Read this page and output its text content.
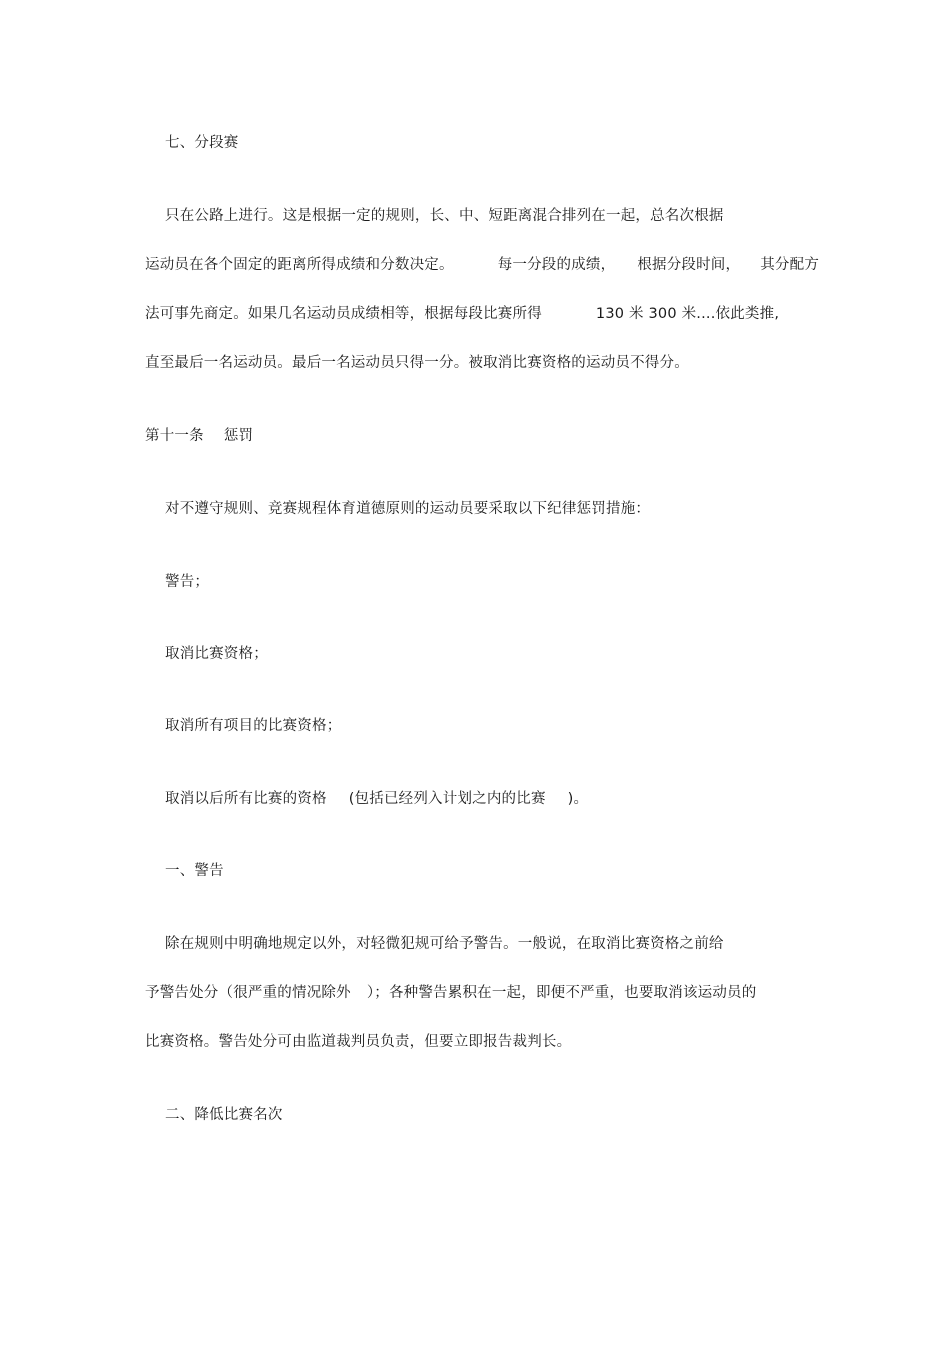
七、分段赛
只在公路上进行。这是根据一定的规则，长、中、短距离混合排列在一起，总名次根据
运动员在各个固定的距离所得成绩和分数决定。	每一分段的成绩， 根据分段时间， 其分配方
法可事先商定。如果几名运动员成绩相等，根据每段比赛所得	130 米 300 米....依此类推,
直至最后一名运动员。最后一名运动员只得一分。被取消比赛资格的运动员不得分。
第十一条 惩罚
对不遵守规则、竞赛规程体育道德原则的运动员要采取以下纪律惩罚措施：
警告；
取消比赛资格；
取消所有项目的比赛资格；
取消以后所有比赛的资格 (包括已经列入计划之内的比赛 )。
一、警告
除在规则中明确地规定以外，对轻微犯规可给予警告。一般说，在取消比赛资格之前给
予警告处分（很严重的情况除外 ）；各种警告累积在一起，即便不严重，也要取消该运动员的
比赛资格。警告处分可由监道裁判员负责，但要立即报告裁判长。
二、降低比赛名次
